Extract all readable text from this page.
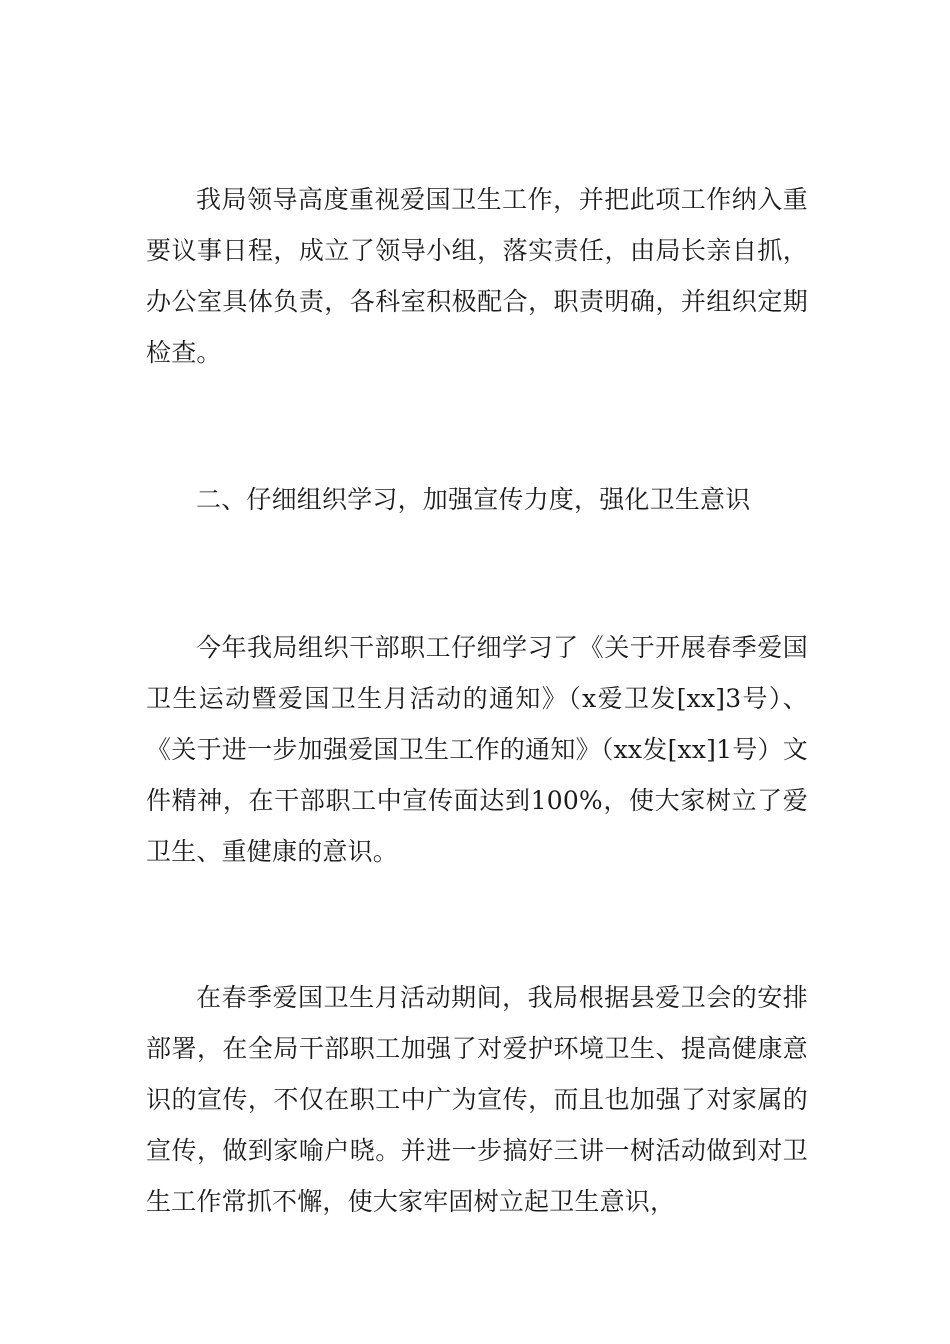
我局领导高度重视爱国卫生工作，并把此项工作纳入重要议事日程，成立了领导小组，落实责任，由局长亲自抓，办公室具体负责，各科室积极配合，职责明确，并组织定期检查。

二、仔细组织学习，加强宣传力度，强化卫生意识

今年我局组织干部职工仔细学习了《关于开展春季爱国卫生运动暨爱国卫生月活动的通知》（x爱卫发[xx]3号）、《关于进一步加强爱国卫生工作的通知》（xx发[xx]1号）文件精神，在干部职工中宣传面达到100%，使大家树立了爱卫生、重健康的意识。

在春季爱国卫生月活动期间，我局根据县爱卫会的安排部署，在全局干部职工加强了对爱护环境卫生、提高健康意识的宣传，不仅在职工中广为宣传，而且也加强了对家属的宣传，做到家喻户晓。并进一步搞好三讲一树活动做到对卫生工作常抓不懈，使大家牢固树立起卫生意识，
